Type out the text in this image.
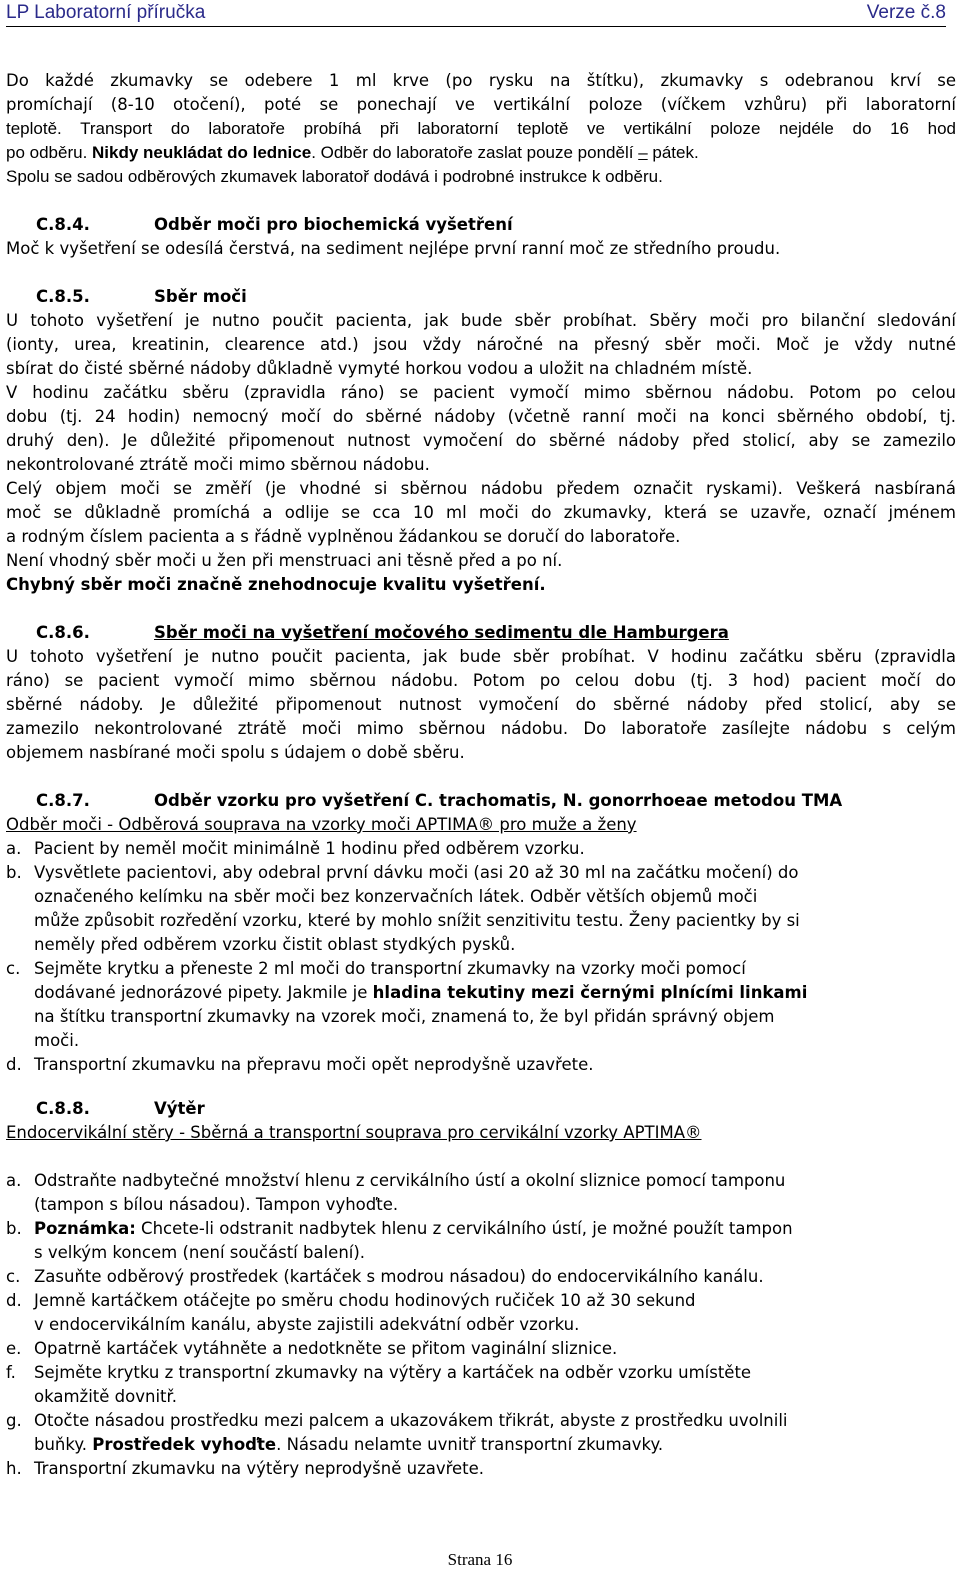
LP Laboratorní příručka	Verze č.8
Do každé zkumavky se odebere 1 ml krve (po rysku na štítku), zkumavky s odebranou krví se
promíchají (8-10 otočení), poté se ponechají ve vertikální poloze (víčkem vzhůru) při laboratorní
teplotě. Transport do laboratoře probíhá při laboratorní teplotě ve vertikální poloze nejdéle do 16 hod
po odběru. Nikdy neukládat do lednice. Odběr do laboratoře zaslat pouze pondělí – pátek.
Spolu se sadou odběrových zkumavek laboratoř dodává i podrobné instrukce k odběru.
C.8.4.	Odběr moči pro biochemická vyšetření
Moč k vyšetření se odesílá čerstvá, na sediment nejlépe první ranní moč ze středního proudu.
C.8.5.	Sběr moči
U tohoto vyšetření je nutno poučit pacienta, jak bude sběr probíhat. Sběry moči pro bilanční sledování
(ionty, urea, kreatinin, clearence atd.) jsou vždy náročné na přesný sběr moči. Moč je vždy nutné
sbírat do čisté sběrné nádoby důkladně vymyté horkou vodou a uložit na chladném místě.
V hodinu začátku sběru (zpravidla ráno) se pacient vymočí mimo sběrnou nádobu. Potom po celou
dobu (tj. 24 hodin) nemocný močí do sběrné nádoby (včetně ranní moči na konci sběrného období, tj.
druhý den). Je důležité připomenout nutnost vymočení do sběrné nádoby před stolicí, aby se zamezilo
nekontrolované ztrátě moči mimo sběrnou nádobu.
Celý objem moči se změří (je vhodné si sběrnou nádobu předem označit ryskami). Veškerá nasbíraná
moč se důkladně promíchá a odlije se cca 10 ml moči do zkumavky, která se uzavře, označí jménem
a rodným číslem pacienta a s řádně vyplněnou žádankou se doručí do laboratoře.
Není vhodný sběr moči u žen při menstruaci ani těsně před a po ní.
Chybný sběr moči značně znehodnocuje kvalitu vyšetření.
C.8.6.	Sběr moči na vyšetření močového sedimentu dle Hamburgera
U tohoto vyšetření je nutno poučit pacienta, jak bude sběr probíhat. V hodinu začátku sběru (zpravidla
ráno) se pacient vymočí mimo sběrnou nádobu. Potom po celou dobu (tj. 3 hod) pacient močí do
sběrné nádoby. Je důležité připomenout nutnost vymočení do sběrné nádoby před stolicí, aby se
zamezilo nekontrolované ztrátě moči mimo sběrnou nádobu. Do laboratoře zasílejte nádobu s celým
objemem nasbírané moči spolu s údajem o době sběru.
C.8.7.	Odběr vzorku pro vyšetření C. trachomatis, N. gonorrhoeae metodou TMA
Odběr moči - Odběrová souprava na vzorky moči APTIMA® pro muže a ženy
a. Pacient by neměl močit minimálně 1 hodinu před odběrem vzorku.
b. Vysvětlete pacientovi, aby odebral první dávku moči (asi 20 až 30 ml na začátku močení) do
označeného kelímku na sběr moči bez konzervačních látek. Odběr větších objemů moči
může způsobit rozředění vzorku, které by mohlo snížit senzitivitu testu. Ženy pacientky by si
neměly před odběrem vzorku čistit oblast stydkých pysků.
c. Sejměte krytku a přeneste 2 ml moči do transportní zkumavky na vzorky moči pomocí
dodávané jednorázové pipety. Jakmile je hladina tekutiny mezi černými plnícími linkami
na štítku transportní zkumavky na vzorek moči, znamená to, že byl přidán správný objem
moči.
d. Transportní zkumavku na přepravu moči opět neprodyšně uzavřete.
C.8.8.	Výtěr
Endocervikální stěry - Sběrná a transportní souprava pro cervikální vzorky APTIMA®
a. Odstraňte nadbytečné množství hlenu z cervikálního ústí a okolní sliznice pomocí tamponu
(tampon s bílou násadou). Tampon vyhoďte.
b. Poznámka: Chcete-li odstranit nadbytek hlenu z cervikálního ústí, je možné použít tampon
s velkým koncem (není součástí balení).
c. Zasuňte odběrový prostředek (kartáček s modrou násadou) do endocervikálního kanálu.
d. Jemně kartáčkem otáčejte po směru chodu hodinových ručiček 10 až 30 sekund
v endocervikálním kanálu, abyste zajistili adekvátní odběr vzorku.
e. Opatrně kartáček vytáhněte a nedotkněte se přitom vaginální sliznice.
f.	Sejměte krytku z transportní zkumavky na výtěry a kartáček na odběr vzorku umístěte
okamžitě dovnitř.
g. Otočte násadou prostředku mezi palcem a ukazovákem třikrát, abyste z prostředku uvolnili
buňky. Prostředek vyhoďte. Násadu nelamte uvnitř transportní zkumavky.
h. Transportní zkumavku na výtěry neprodyšně uzavřete.
Strana 16
